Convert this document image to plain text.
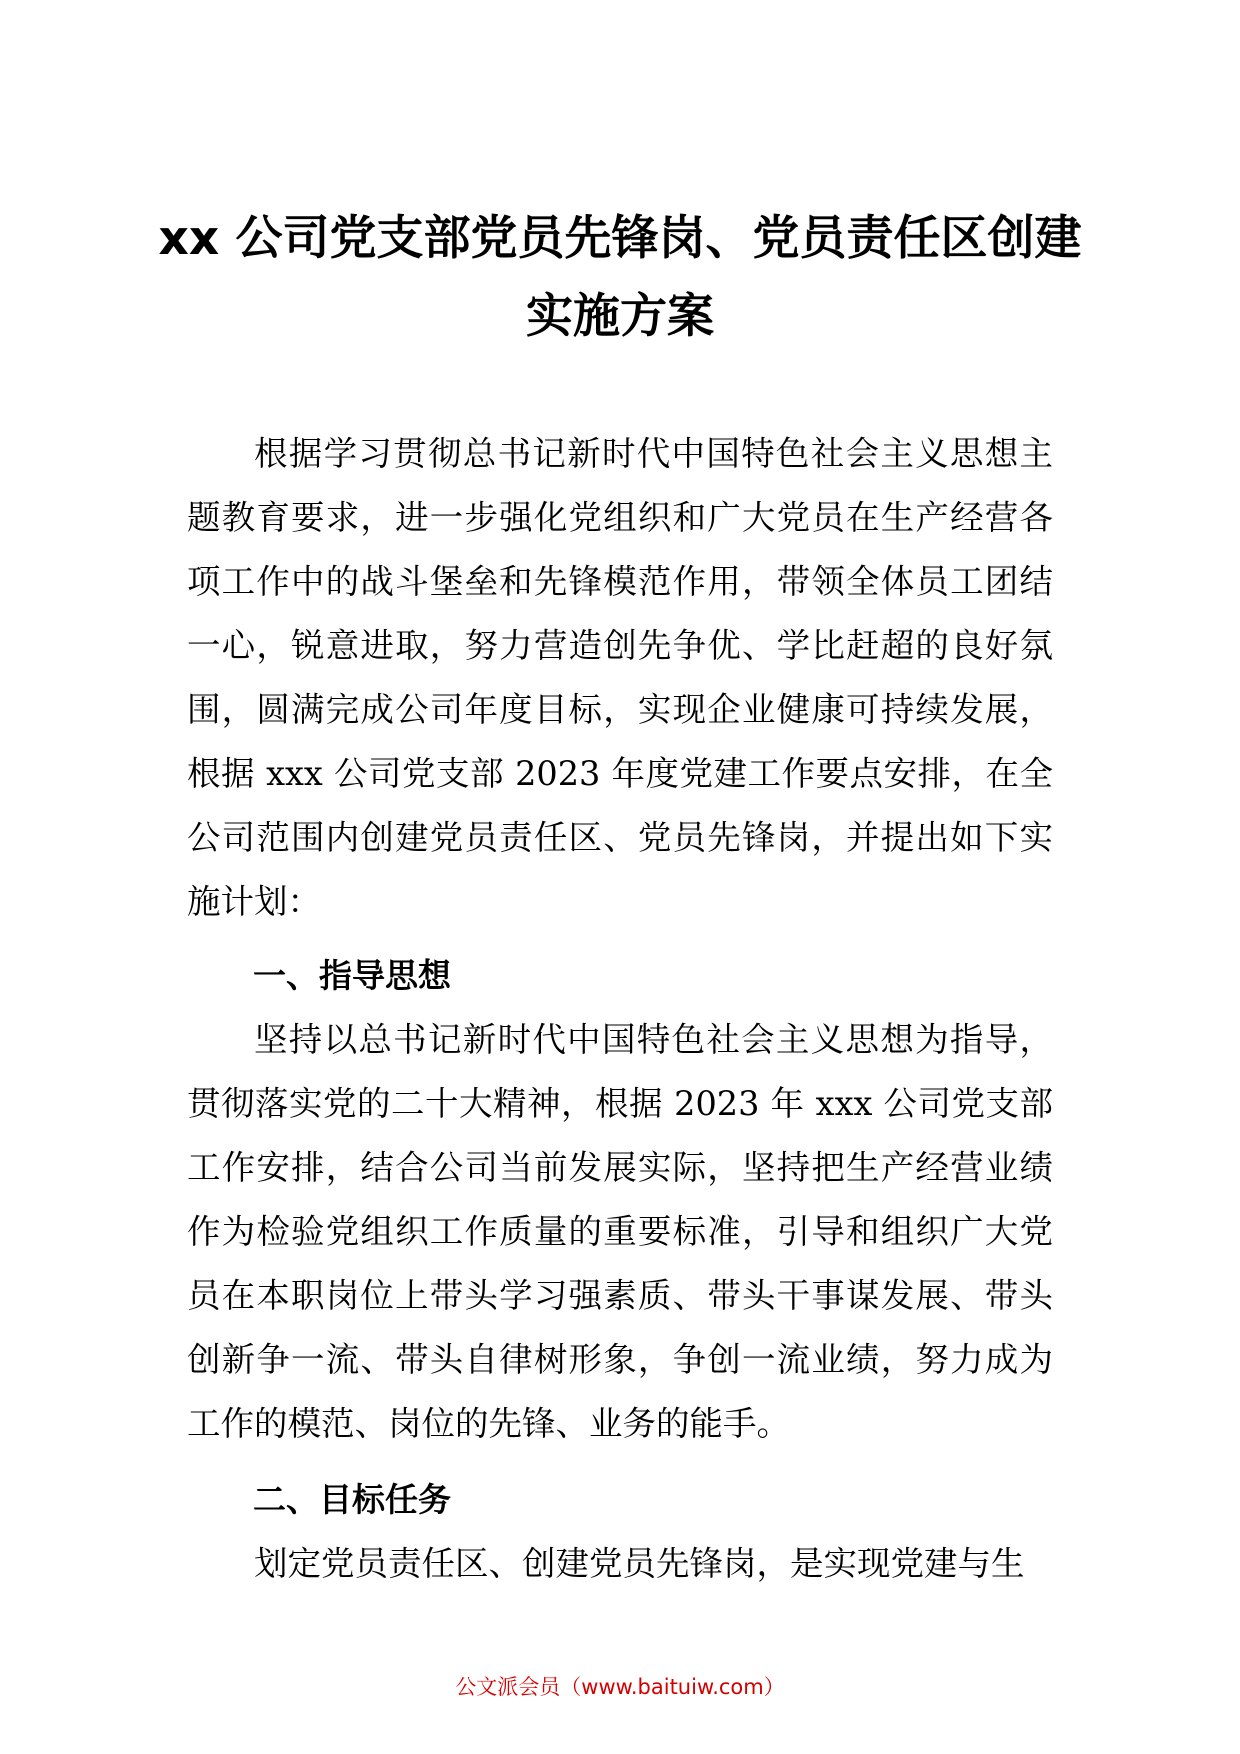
xx 公司党支部党员先锋岗、党员责任区创建实施方案

根据学习贯彻总书记新时代中国特色社会主义思想主题教育要求，进一步强化党组织和广大党员在生产经营各项工作中的战斗堡垒和先锋模范作用，带领全体员工团结一心，锐意进取，努力营造创先争优、学比赶超的良好氛围，圆满完成公司年度目标，实现企业健康可持续发展，根据 xxx 公司党支部 2023 年度党建工作要点安排，在全公司范围内创建党员责任区、党员先锋岗，并提出如下实施计划：

一、指导思想

坚持以总书记新时代中国特色社会主义思想为指导，贯彻落实党的二十大精神，根据 2023 年 xxx 公司党支部工作安排，结合公司当前发展实际，坚持把生产经营业绩作为检验党组织工作质量的重要标准，引导和组织广大党员在本职岗位上带头学习强素质、带头干事谋发展、带头创新争一流、带头自律树形象，争创一流业绩，努力成为工作的模范、岗位的先锋、业务的能手。

二、目标任务

划定党员责任区、创建党员先锋岗，是实现党建与生

公文派会员（www.baituiw.com）
